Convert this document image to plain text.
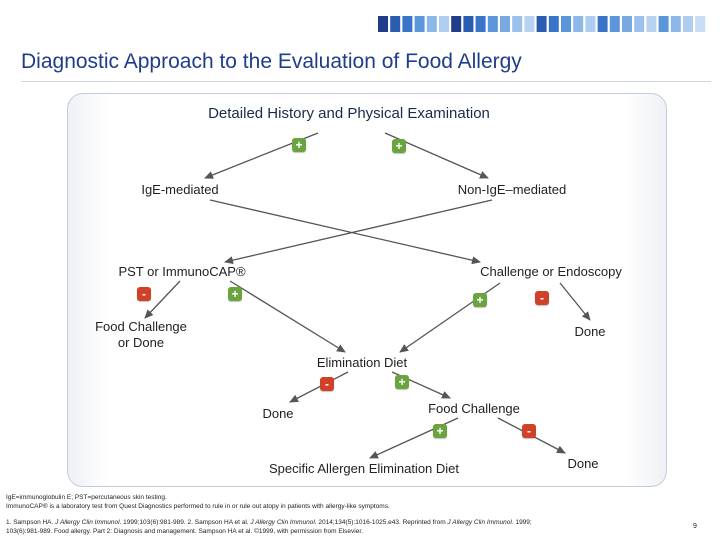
Diagnostic Approach to the Evaluation of Food Allergy
Detailed History and Physical Examination
IgE-mediated	Non-IgE–mediated
PST or ImmunoCAP®	Challenge or Endoscopy
Food Challenge
or Done
Done
Elimination Diet
Done	Food Challenge
Specific Allergen Elimination Diet	Done
+	+
-	+	+	-
-	+
+	-

IgE=immunoglobulin E; PST=percutaneous skin testing.
ImmunoCAP® is a laboratory test from Quest Diagnostics performed to rule in or rule out atopy in patients with allergy-like symptoms.

1. Sampson HA. J Allergy Clin Immunol. 1999;103(6):981-989. 2. Sampson HA et al. J Allergy Clin Immunol. 2014;134(5):1016-1025.e43. Reprinted from J Allergy Clin Immunol. 1999;
103(6):981-989. Food allergy. Part 2: Diagnosis and management. Sampson HA et al. ©1999, with permission from Elsevier.

9
